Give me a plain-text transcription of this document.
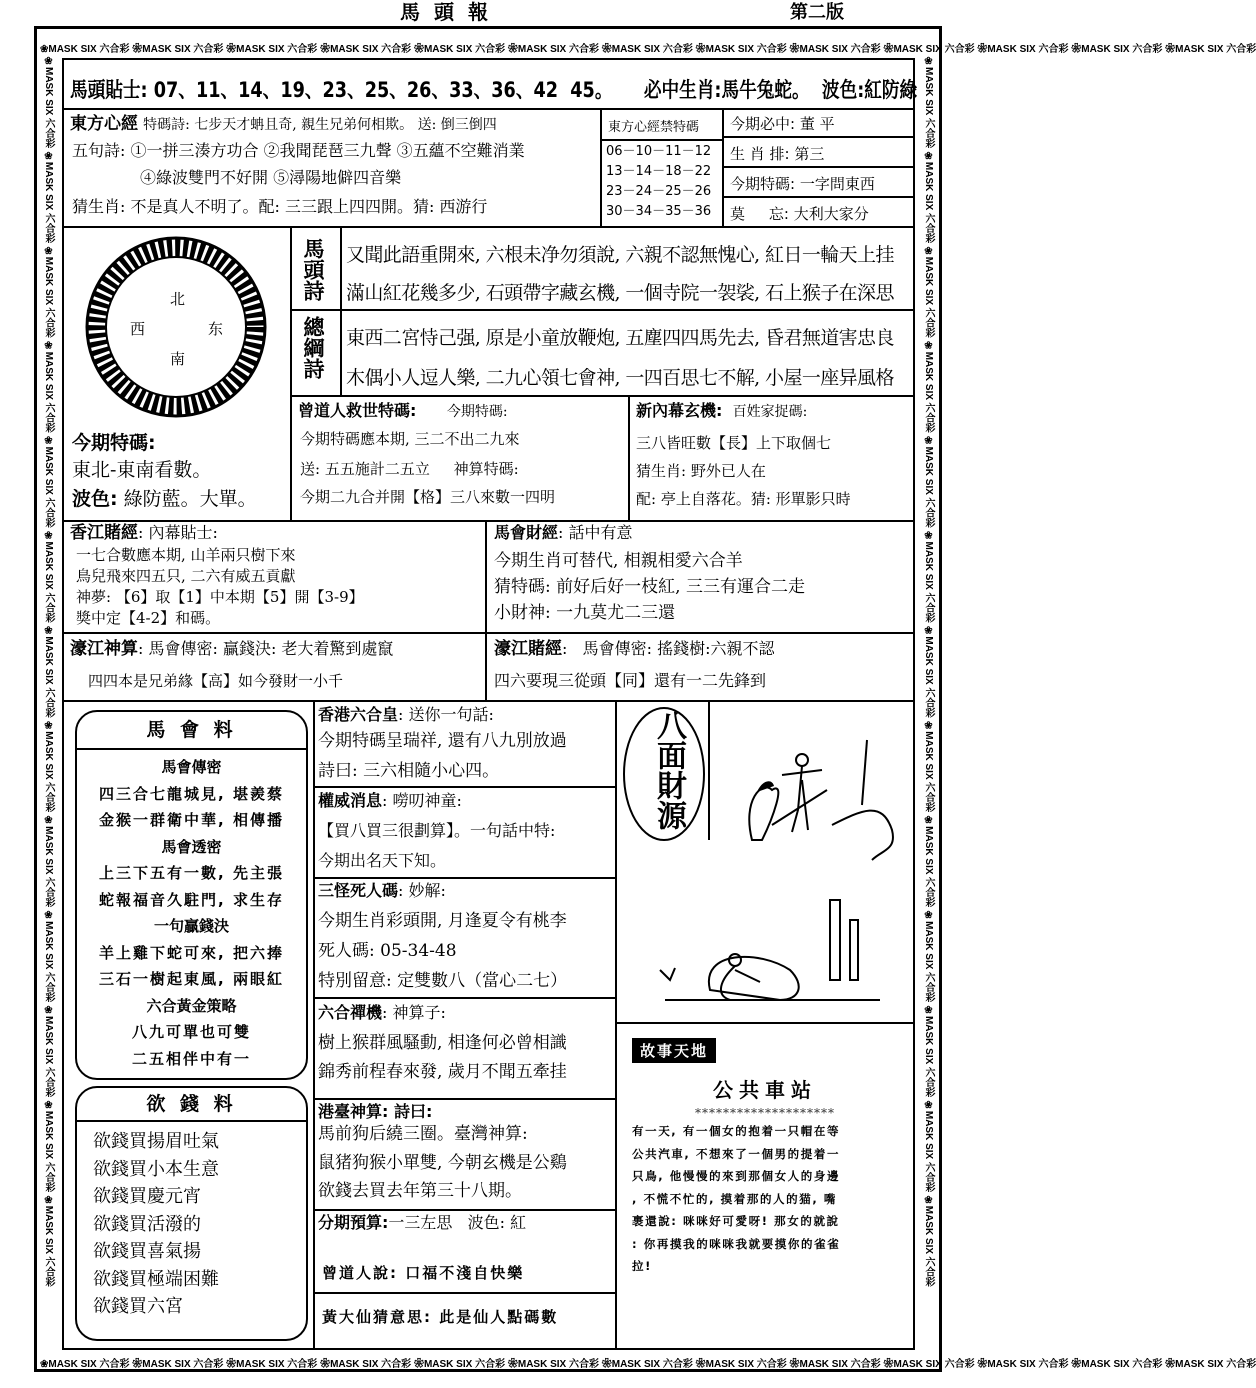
❀MASK SIX 六合彩 ❀MASK SIX 六合彩 ❀MASK SIX 六合彩 ❀MASK SIX 六合彩 ❀MASK SIX 六合彩 ❀MASK SIX 六合彩 ❀MASK SIX 六合彩 ❀MASK SIX 六合彩 ❀MASK SIX 六合彩 ❀MASK SIX 六合彩 ❀MASK SIX 六合彩 ❀MASK SIX 六合彩 ❀MASK SIX 六合彩
❀MASK SIX 六合彩 ❀MASK SIX 六合彩 ❀MASK SIX 六合彩 ❀MASK SIX 六合彩 ❀MASK SIX 六合彩 ❀MASK SIX 六合彩 ❀MASK SIX 六合彩 ❀MASK SIX 六合彩 ❀MASK SIX 六合彩 ❀MASK SIX 六合彩 ❀MASK SIX 六合彩 ❀MASK SIX 六合彩 ❀MASK SIX 六合彩
❀MASK SIX 六合彩 ❀MASK SIX 六合彩 ❀MASK SIX 六合彩 ❀MASK SIX 六合彩 ❀MASK SIX 六合彩 ❀MASK SIX 六合彩 ❀MASK SIX 六合彩 ❀MASK SIX 六合彩 ❀MASK SIX 六合彩 ❀MASK SIX 六合彩 ❀MASK SIX 六合彩 ❀MASK SIX 六合彩 ❀MASK SIX 六合彩	❀MASK SIX 六合彩 ❀MASK SIX 六合彩 ❀MASK SIX 六合彩 ❀MASK SIX 六合彩 ❀MASK SIX 六合彩 ❀MASK SIX 六合彩 ❀MASK SIX 六合彩 ❀MASK SIX 六合彩 ❀MASK SIX 六合彩 ❀MASK SIX 六合彩 ❀MASK SIX 六合彩 ❀MASK SIX 六合彩 ❀MASK SIX 六合彩
馬頭報	第二版
馬頭貼士: 07、11、14、19、23、25、26、33、36、42  45。 必中生肖:馬牛兔蛇。 波色:紅防綠
東方心經 特碼詩: 七步天才蚺且奇, 親生兄弟何相欺。 送: 倒三倒四
五句詩: ①一拼三湊方功合 ②我聞琵琶三九聲 ③五蘊不空難消業
④綠波雙門不好開 ⑤潯陽地僻四音樂
猜生肖: 不是真人不明了。配: 三三跟上四四開。猜: 西游行
東方心經禁特碼
06－10－11－12
13－14－18－22
23－24－25－26
30－34－35－36
今期必中: 董 平
生 肖 排: 第三
今期特碼: 一字問東西
莫     忘: 大利大家分
北
西	东
南
今期特碼:
東北-東南看數。
波色: 綠防藍。大單。
馬頭詩 又聞此語重開來, 六根未净勿須說, 六親不認無愧心, 紅日一輪天上挂
滿山紅花幾多少, 石頭帶字藏玄機, 一個寺院一袈裟, 石上猴子在深思
總綱詩 東西二宮恃己强, 原是小童放鞭炮, 五塵四四馬先去, 昏君無道害忠良
木偶小人逗人樂, 二九心領七會神, 一四百思七不解, 小屋一座异風格
曾道人救世特碼: 今期特碼:
今期特碼應本期, 三二不出二九來
送: 五五施計二五立 神算特碼:
今期二九合并開【格】三八來數一四明
新內幕玄機: 百姓家捉碼:
三八皆旺數【長】上下取個七
猜生肖: 野外已人在
配: 亭上自落花。猜: 形單影只時
香江賭經: 內幕貼士:
一七合數應本期, 山羊兩只樹下來
鳥兒飛來四五只, 二六有威五貢獻
神夢: 【6】取【1】中本期【5】開【3-9】
獎中定【4-2】和碼。
馬會財經: 話中有意
今期生肖可替代, 相親相愛六合羊
猜特碼: 前好后好一枝紅, 三三有運合二走
小財神: 一九莫尤二三還
濠江神算: 馬會傳密: 贏錢決: 老大着驚到處竄
四四本是兄弟緣【高】如今發財一小千
濠江賭經:   馬會傳密: 搖錢樹:六親不認
四六要現三從頭【同】還有一二先鋒到
馬 會 料
馬會傳密
四三合七龍城見, 堪羨蔡
金猴一群衛中華, 相傳播
馬會透密
上三下五有一數, 先主張
蛇報福音久駐門, 求生存
一句贏錢決
羊上雞下蛇可來, 把六捧
三石一樹起東風, 兩眼紅
六合黃金策略
八九可單也可雙
二五相伴中有一
欲 錢 料
欲錢買揚眉吐氣
欲錢買小本生意
欲錢買慶元宵
欲錢買活潑的
欲錢買喜氣揚
欲錢買極端困難
欲錢買六宮
香港六合皇: 送你一句話:
今期特碼呈瑞祥, 還有八九別放過
詩曰: 三六相隨小心四。
權威消息: 嘮叨神童:
【買八買三很劃算】。一句話中特:
今期出名天下知。
三怪死人碼: 妙解:
今期生肖彩頭開, 月逢夏令有桃李
死人碼: 05-34-48
特別留意: 定雙數八（當心二七）
六合禪機: 神算子:
樹上猴群風騷動, 相逢何必曾相識
錦秀前程春來發, 歲月不聞五牽挂
港臺神算: 詩曰:
馬前狗后繞三圈。臺灣神算:
鼠猪狗猴小單雙, 今朝玄機是公鷄
欲錢去買去年第三十八期。
分期預算:一三左思   波色: 紅
曾道人說: 口福不淺自快樂
黃大仙猜意思: 此是仙人點碼數
八面財源
故事天地
公共車站
********************
有一天, 有一個女的抱着一只帽在等
公共汽車, 不想來了一個男的提着一
只鳥, 他慢慢的來到那個女人的身邊
, 不慌不忙的, 摸着那的人的猫, 嘴
裹還說: 咪咪好可愛呀! 那女的就說
: 你再摸我的咪咪我就要摸你的雀雀
拉!
